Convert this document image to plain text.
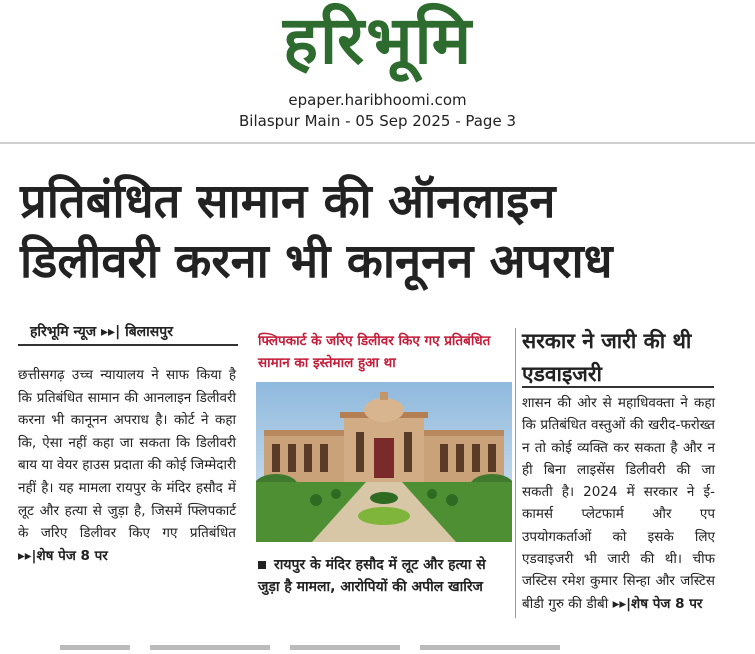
हरिभूमि
epaper.haribhoomi.com
Bilaspur Main - 05 Sep 2025 - Page 3
प्रतिबंधित सामान की ऑनलाइन
डिलीवरी करना भी कानूनन अपराध
हरिभूमि न्यूज ▸▸| बिलासपुर
छत्तीसगढ़ उच्च न्यायालय ने साफ किया है कि प्रतिबंधित सामान की आनलाइन डिलीवरी करना भी कानूनन अपराध है। कोर्ट ने कहा कि, ऐसा नहीं कहा जा सकता कि डिलीवरी बाय या वेयर हाउस प्रदाता की कोई जिम्मेदारी नहीं है। यह मामला रायपुर के मंदिर हसौद में लूट और हत्या से जुड़ा है, जिसमें फ्लिपकार्ट के जरिए डिलीवर किए गए प्रतिबंधित ▸▸|शेष पेज 8 पर
फ्लिपकार्ट के जरिए डिलीवर किए गए प्रतिबंधित सामान का इस्तेमाल हुआ था
रायपुर के मंदिर हसौद में लूट और हत्या से जुड़ा है मामला, आरोपियों की अपील खारिज
सरकार ने जारी की थी एडवाइजरी
शासन की ओर से महाधिवक्ता ने कहा कि प्रतिबंधित वस्तुओं की खरीद-फरोख्त न तो कोई व्यक्ति कर सकता है और न ही बिना लाइसेंस डिलीवरी की जा सकती है। 2024 में सरकार ने ई-कामर्स प्लेटफार्म और एप उपयोगकर्ताओं को इसके लिए एडवाइजरी भी जारी की थी। चीफ जस्टिस रमेश कुमार सिन्हा और जस्टिस बीडी गुरु की डीबी ▸▸|शेष पेज 8 पर
